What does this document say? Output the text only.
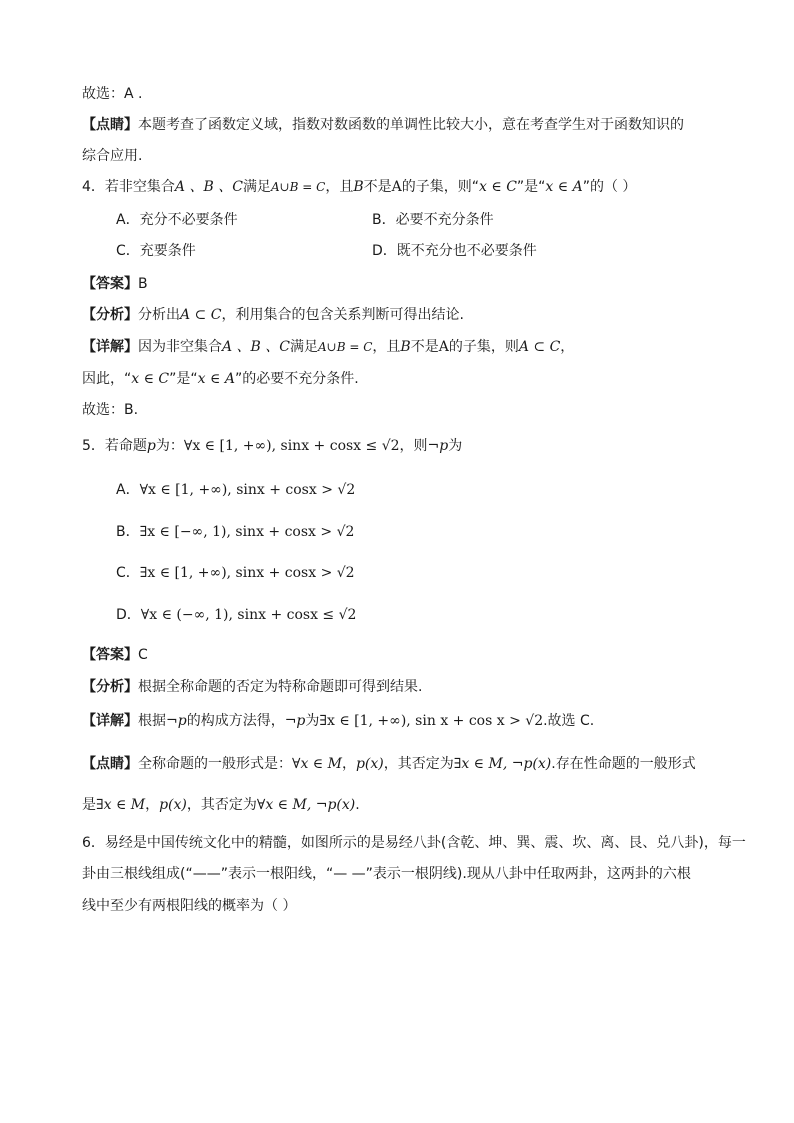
故选：A .
【点睛】本题考查了函数定义域，指数对数函数的单调性比较大小，意在考查学生对于函数知识的
综合应用.
4．若非空集合A 、B 、C满足A∪B = C，且B不是A的子集，则“x ∈ C”是“x ∈ A”的（ ）
A．充分不必要条件	B．必要不充分条件
C．充要条件	D．既不充分也不必要条件
【答案】B
【分析】分析出A ⊂ C，利用集合的包含关系判断可得出结论.
【详解】因为非空集合A 、B 、C满足A∪B = C，且B不是A的子集，则A ⊂ C，
因此，“x ∈ C”是“x ∈ A”的必要不充分条件.
故选：B.
5．若命题p为：∀x ∈ [1, +∞), sinx + cosx ≤ √2，则¬p为
A．∀x ∈ [1, +∞), sinx + cosx > √2
B．∃x ∈ [−∞, 1), sinx + cosx > √2
C．∃x ∈ [1, +∞), sinx + cosx > √2
D．∀x ∈ (−∞, 1), sinx + cosx ≤ √2
【答案】C
【分析】根据全称命题的否定为特称命题即可得到结果.
【详解】根据¬p的构成方法得，¬p为∃x ∈ [1, +∞), sin x + cos x > √2.故选 C.
【点睛】全称命题的一般形式是：∀x ∈ M，p(x)，其否定为∃x ∈ M, ¬p(x).存在性命题的一般形式
是∃x ∈ M，p(x)，其否定为∀x ∈ M, ¬p(x).
6．易经是中国传统文化中的精髓，如图所示的是易经八卦(含乾、坤、巽、震、坎、离、艮、兑八卦)，每一
卦由三根线组成(“——”表示一根阳线，“— —”表示一根阴线).现从八卦中任取两卦，这两卦的六根
线中至少有两根阳线的概率为（ ）
